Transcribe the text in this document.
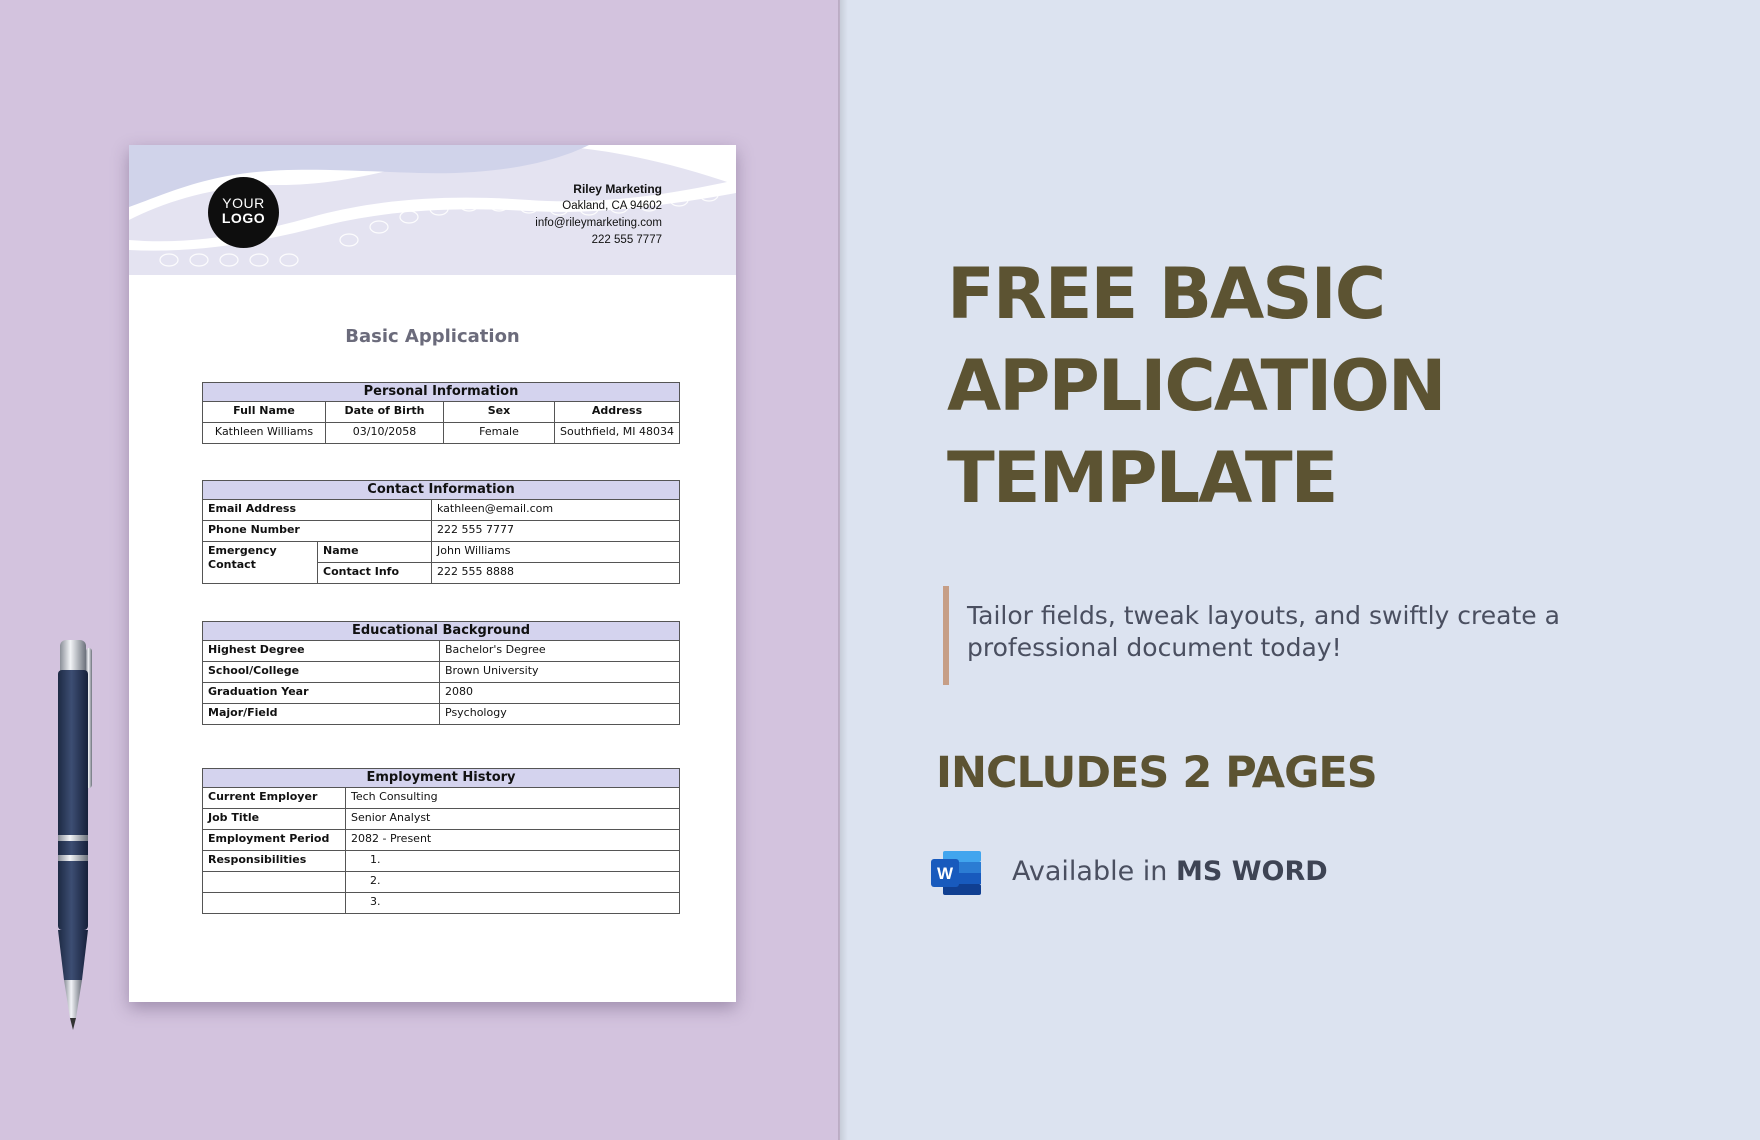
YOUR
LOGO
Riley Marketing
Oakland, CA 94602
info@rileymarketing.com
222 555 7777
Basic Application
Personal Information			
Full Name	Date of Birth	Sex	Address
Kathleen Williams	03/10/2058	Female	Southfield, MI 48034
Contact Information		
Email Address		kathleen@email.com
Phone Number		222 555 7777

Emergency
Contact	Name	John Williams
	Contact Info	222 555 8888
Educational Background	
Highest Degree	Bachelor's Degree
School/College	Brown University
Graduation Year	2080
Major/Field	Psychology
Employment History	
Current Employer	Tech Consulting
Job Title	Senior Analyst
Employment Period	2082 - Present
Responsibilities	1.
	2.
	3.
FREE BASIC
APPLICATION
TEMPLATE
Tailor fields, tweak layouts, and swiftly create a professional document today!
INCLUDES 2 PAGES
W Available in MS WORD
